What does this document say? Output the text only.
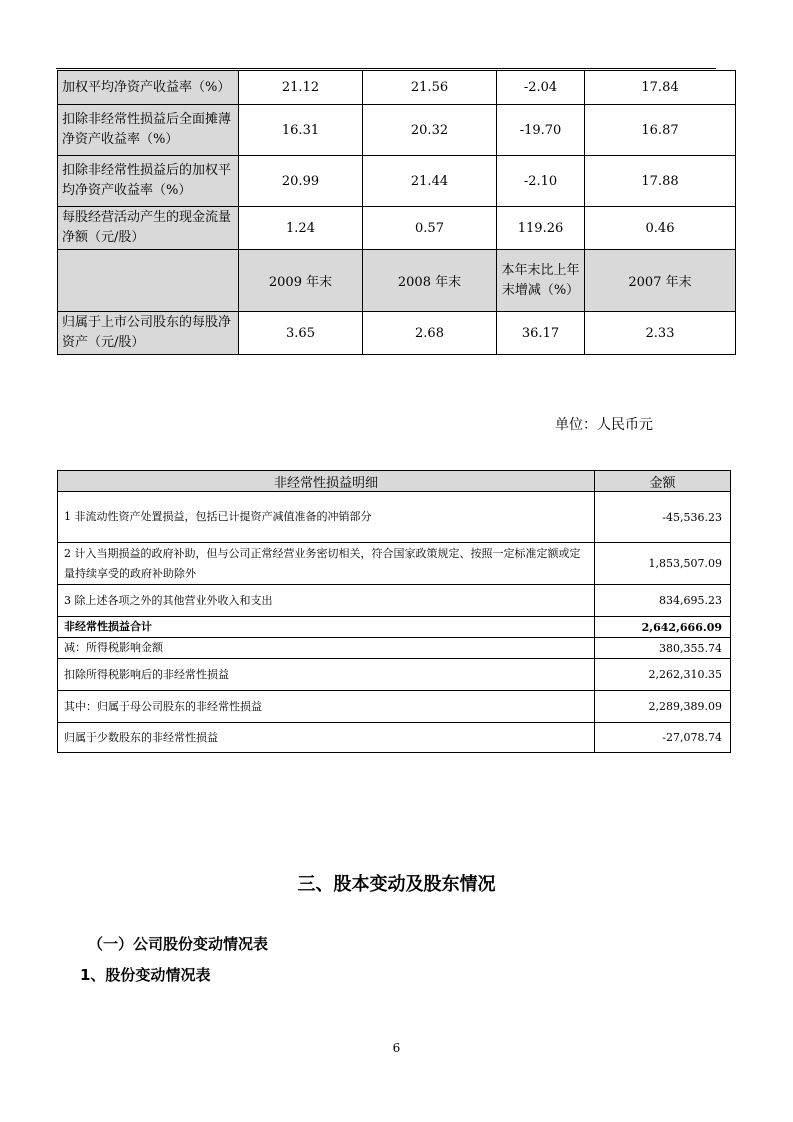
加权平均净资产收益率（%）	21.12	21.56	-2.04	17.84
扣除非经常性损益后全面摊薄净资产收益率（%）	16.31	20.32	-19.70	16.87
扣除非经常性损益后的加权平均净资产收益率（%）	20.99	21.44	-2.10	17.88
每股经营活动产生的现金流量净额（元/股）	1.24	0.57	119.26	0.46
	2009 年末	2008 年末	本年末比上年末增减（%）	2007 年末
归属于上市公司股东的每股净资产（元/股）	3.65	2.68	36.17	2.33
单位：人民币元
非经常性损益明细	金额
1 非流动性资产处置损益，包括已计提资产减值准备的冲销部分	-45,536.23
2 计入当期损益的政府补助，但与公司正常经营业务密切相关，符合国家政策规定、按照一定标准定额或定量持续享受的政府补助除外	1,853,507.09
3 除上述各项之外的其他营业外收入和支出	834,695.23
非经常性损益合计	2,642,666.09
减：所得税影响金额	380,355.74
扣除所得税影响后的非经常性损益	2,262,310.35
其中：归属于母公司股东的非经常性损益	2,289,389.09
归属于少数股东的非经常性损益	-27,078.74
三、股本变动及股东情况
（一）公司股份变动情况表
1、股份变动情况表
6
